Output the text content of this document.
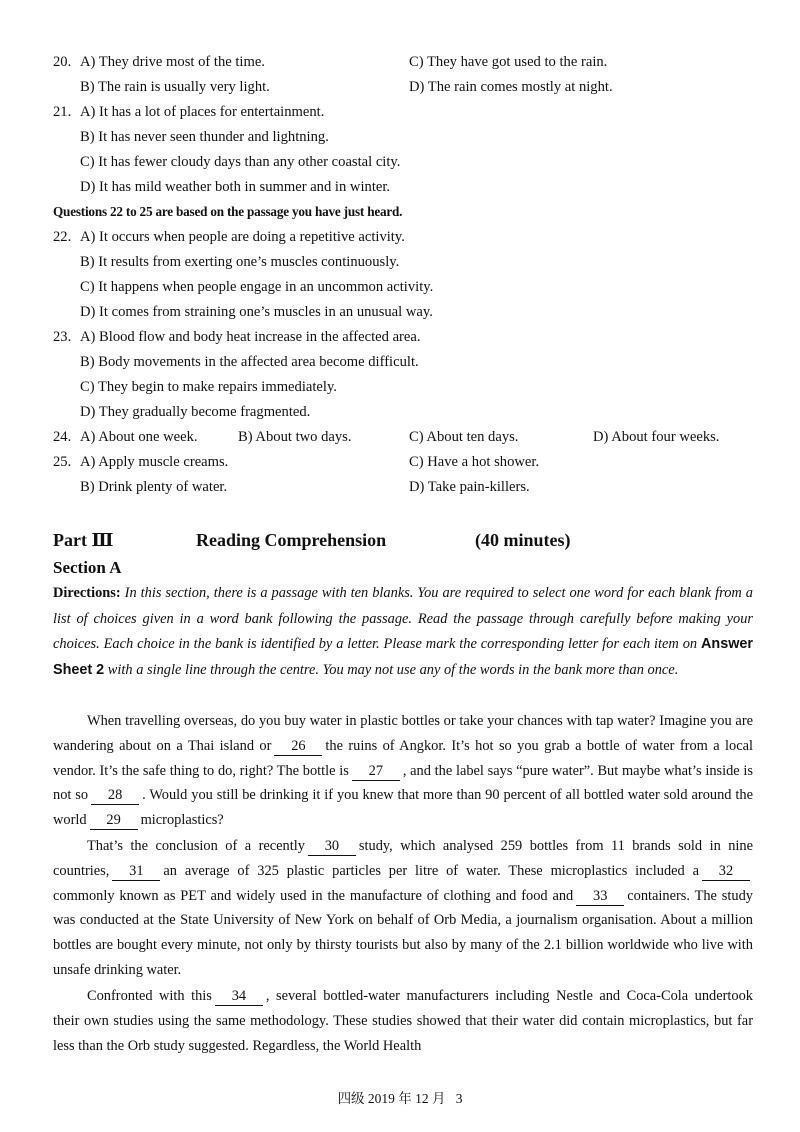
20. A) They drive most of the time.	C) They have got used to the rain.
B) The rain is usually very light.	D) The rain comes mostly at night.
21. A) It has a lot of places for entertainment.
B) It has never seen thunder and lightning.
C) It has fewer cloudy days than any other coastal city.
D) It has mild weather both in summer and in winter.
Questions 22 to 25 are based on the passage you have just heard.
22. A) It occurs when people are doing a repetitive activity.
B) It results from exerting one’s muscles continuously.
C) It happens when people engage in an uncommon activity.
D) It comes from straining one’s muscles in an unusual way.
23. A) Blood flow and body heat increase in the affected area.
B) Body movements in the affected area become difficult.
C) They begin to make repairs immediately.
D) They gradually become fragmented.
24. A) About one week.	B) About two days.	C) About ten days.	D) About four weeks.
25. A) Apply muscle creams.	C) Have a hot shower.
B) Drink plenty of water.	D) Take pain-killers.
Part Ⅲ	Reading Comprehension	(40 minutes)
Section A
Directions: In this section, there is a passage with ten blanks. You are required to select one word for each blank from a list of choices given in a word bank following the passage. Read the passage through carefully before making your choices. Each choice in the bank is identified by a letter. Please mark the corresponding letter for each item on Answer Sheet 2 with a single line through the centre. You may not use any of the words in the bank more than once.
When travelling overseas, do you buy water in plastic bottles or take your chances with tap water? Imagine you are wandering about on a Thai island or 26 the ruins of Angkor. It’s hot so you grab a bottle of water from a local vendor. It’s the safe thing to do, right? The bottle is 27 , and the label says “pure water”. But maybe what’s inside is not so 28 . Would you still be drinking it if you knew that more than 90 percent of all bottled water sold around the world 29 microplastics?
That’s the conclusion of a recently 30 study, which analysed 259 bottles from 11 brands sold in nine countries, 31 an average of 325 plastic particles per litre of water. These microplastics included a 32commonly known as PET and widely used in the manufacture of clothing and food and 33 containers. The study was conducted at the State University of New York on behalf of Orb Media, a journalism organisation. About a million bottles are bought every minute, not only by thirsty tourists but also by many of the 2.1 billion worldwide who live with unsafe drinking water.
Confronted with this 34 , several bottled-water manufacturers including Nestle and Coca-Cola undertook their own studies using the same methodology. These studies showed that their water did contain microplastics, but far less than the Orb study suggested. Regardless, the World Health
四级 2019 年 12 月 3
